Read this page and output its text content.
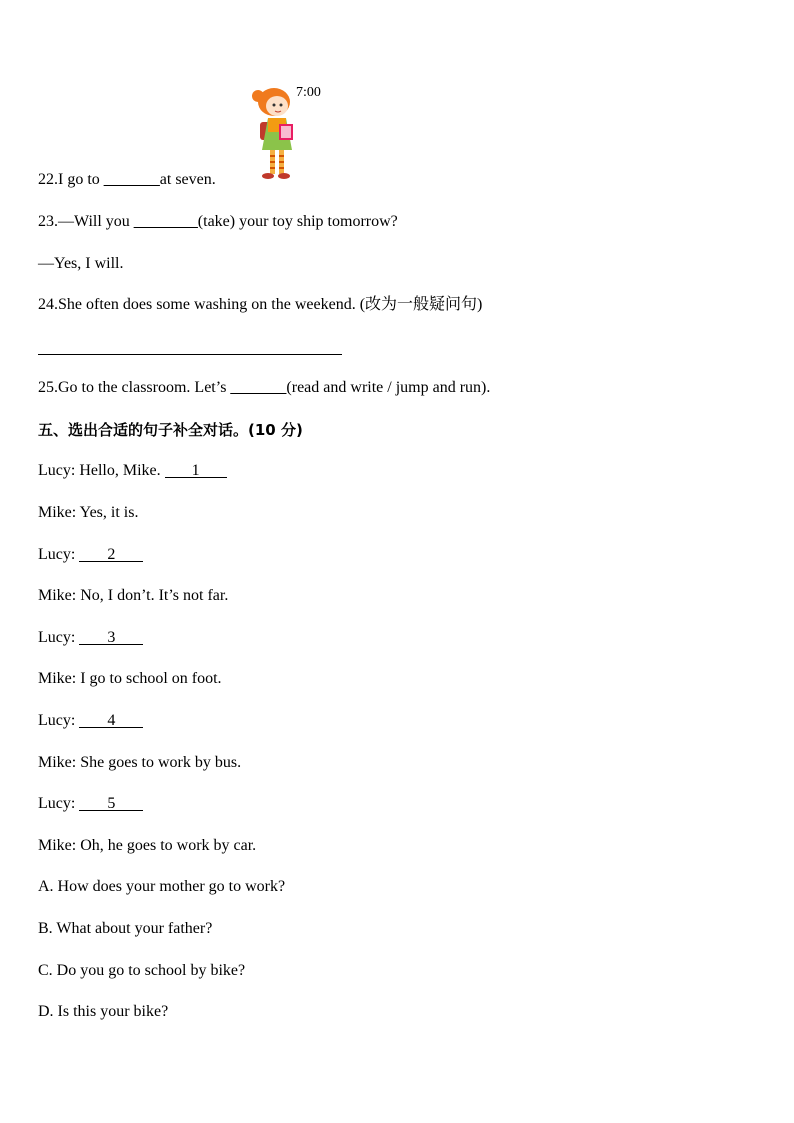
7:00
22.I go to _______at seven.
23.—Will you ________(take) your toy ship tomorrow?
—Yes, I will.
24.She often does some washing on the weekend. (改为一般疑问句)
25.Go to the classroom. Let’s _______(read and write / jump and run).
五、选出合适的句子补全对话。(10 分)
Lucy: Hello, Mike. 1
Mike: Yes, it is.
Lucy: 2
Mike: No, I don’t. It’s not far.
Lucy: 3
Mike: I go to school on foot.
Lucy: 4
Mike: She goes to work by bus.
Lucy: 5
Mike: Oh, he goes to work by car.
A. How does your mother go to work?
B. What about your father?
C. Do you go to school by bike?
D. Is this your bike?
